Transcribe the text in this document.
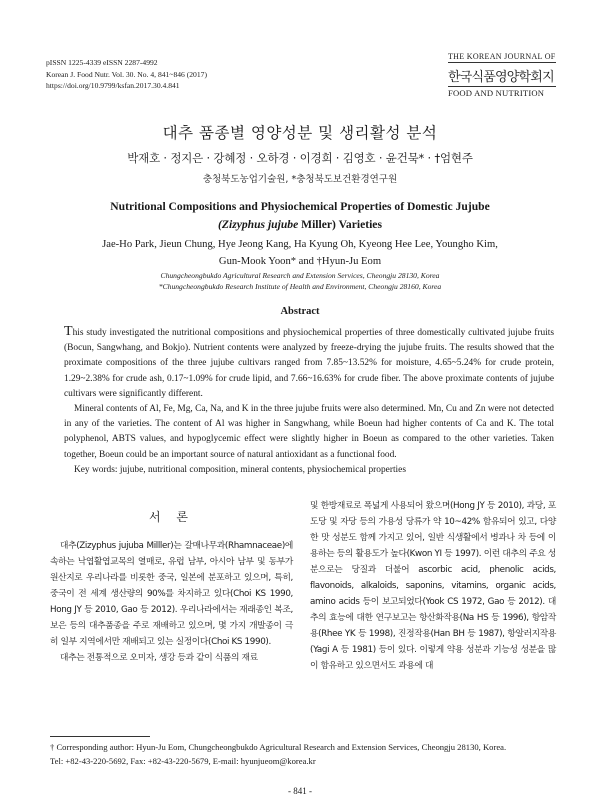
pISSN 1225-4339 eISSN 2287-4992
Korean J. Food Nutr. Vol. 30. No. 4, 841~846 (2017)
https://doi.org/10.9799/ksfan.2017.30.4.841
THE KOREAN JOURNAL OF
한국식품영양학회지
FOOD AND NUTRITION
대추 품종별 영양성분 및 생리활성 분석
박재호 · 정지은 · 강혜정 · 오하경 · 이경희 · 김영호 · 윤건묵* · †엄현주
충청북도농업기술원, *충청북도보건환경연구원
Nutritional Compositions and Physiochemical Properties of Domestic Jujube
(Zizyphus jujube Miller) Varieties
Jae-Ho Park, Jieun Chung, Hye Jeong Kang, Ha Kyung Oh, Kyeong Hee Lee, Youngho Kim,
Gun-Mook Yoon* and †Hyun-Ju Eom
Chungcheongbukdo Agricultural Research and Extension Services, Cheongju 28130, Korea
*Chungcheongbukdo Research Institute of Health and Environment, Cheongju 28160, Korea
Abstract

This study investigated the nutritional compositions and physiochemical properties of three domestically cultivated jujube fruits (Bocun, Sangwhang, and Bokjo). Nutrient contents were analyzed by freeze-drying the jujube fruits. The results showed that the proximate compositions of the three jujube cultivars ranged from 7.85~13.52% for moisture, 4.65~5.24% for crude protein, 1.29~2.38% for crude ash, 0.17~1.09% for crude lipid, and 7.66~16.63% for crude fiber. The above proximate contents of jujube cultivars were significantly different.

Mineral contents of Al, Fe, Mg, Ca, Na, and K in the three jujube fruits were also determined. Mn, Cu and Zn were not detected in any of the varieties. The content of Al was higher in Sangwhang, while Boeun had higher contents of Ca and K. The total polyphenol, ABTS values, and hypoglycemic effect were slightly higher in Boeun as compared to the other varieties. Taken together, Boeun could be an important source of natural antioxidant as a functional food.

Key words: jujube, nutritional composition, mineral contents, physiochemical properties

서 론

대추(Zizyphus jujuba Milller)는 갈매나무과(Rhamnaceae)에 속하는 낙엽활엽교목의 열매로, 유럽 남부, 아시아 남부 및 동부가 원산지로 우리나라를 비롯한 중국, 일본에 분포하고 있으며, 특히, 중국이 전 세계 생산량의 90%를 차지하고 있다(Choi KS 1990, Hong JY 등 2010, Gao 등 2012). 우리나라에서는 재래종인 복조, 보은 등의 대추품종을 주로 재배하고 있으며, 몇 가지 개발종이 극히 일부 지역에서만 재배되고 있는 실정이다(Choi KS 1990).

대추는 전통적으로 오미자, 생강 등과 같이 식품의 재료

및 한방재료로 폭넓게 사용되어 왔으며(Hong JY 등 2010), 과당, 포도당 및 자당 등의 가용성 당류가 약 10~42% 함유되어 있고, 다양한 맛 성분도 함께 가지고 있어, 일반 식생활에서 병과나 차 등에 이용하는 등의 활용도가 높다(Kwon YI 등 1997). 이런 대추의 주요 성분으로는 당질과 더불어 ascorbic acid, phenolic acids, flavonoids, alkaloids, saponins, vitamins, organic acids, amino acids 등이 보고되었다(Yook CS 1972, Gao 등 2012). 대추의 효능에 대한 연구보고는 항산화작용(Na HS 등 1996), 항암작용(Rhee YK 등 1998), 진정작용(Han BH 등 1987), 항알러지작용(Yagi A 등 1981) 등이 있다. 이렇게 약용 성분과 기능성 성분을 많이 함유하고 있으면서도 과용에 대

† Corresponding author: Hyun-Ju Eom, Chungcheongbukdo Agricultural Research and Extension Services, Cheongju 28130, Korea.
Tel: +82-43-220-5692, Fax: +82-43-220-5679, E-mail: hyunjueom@korea.kr
- 841 -
